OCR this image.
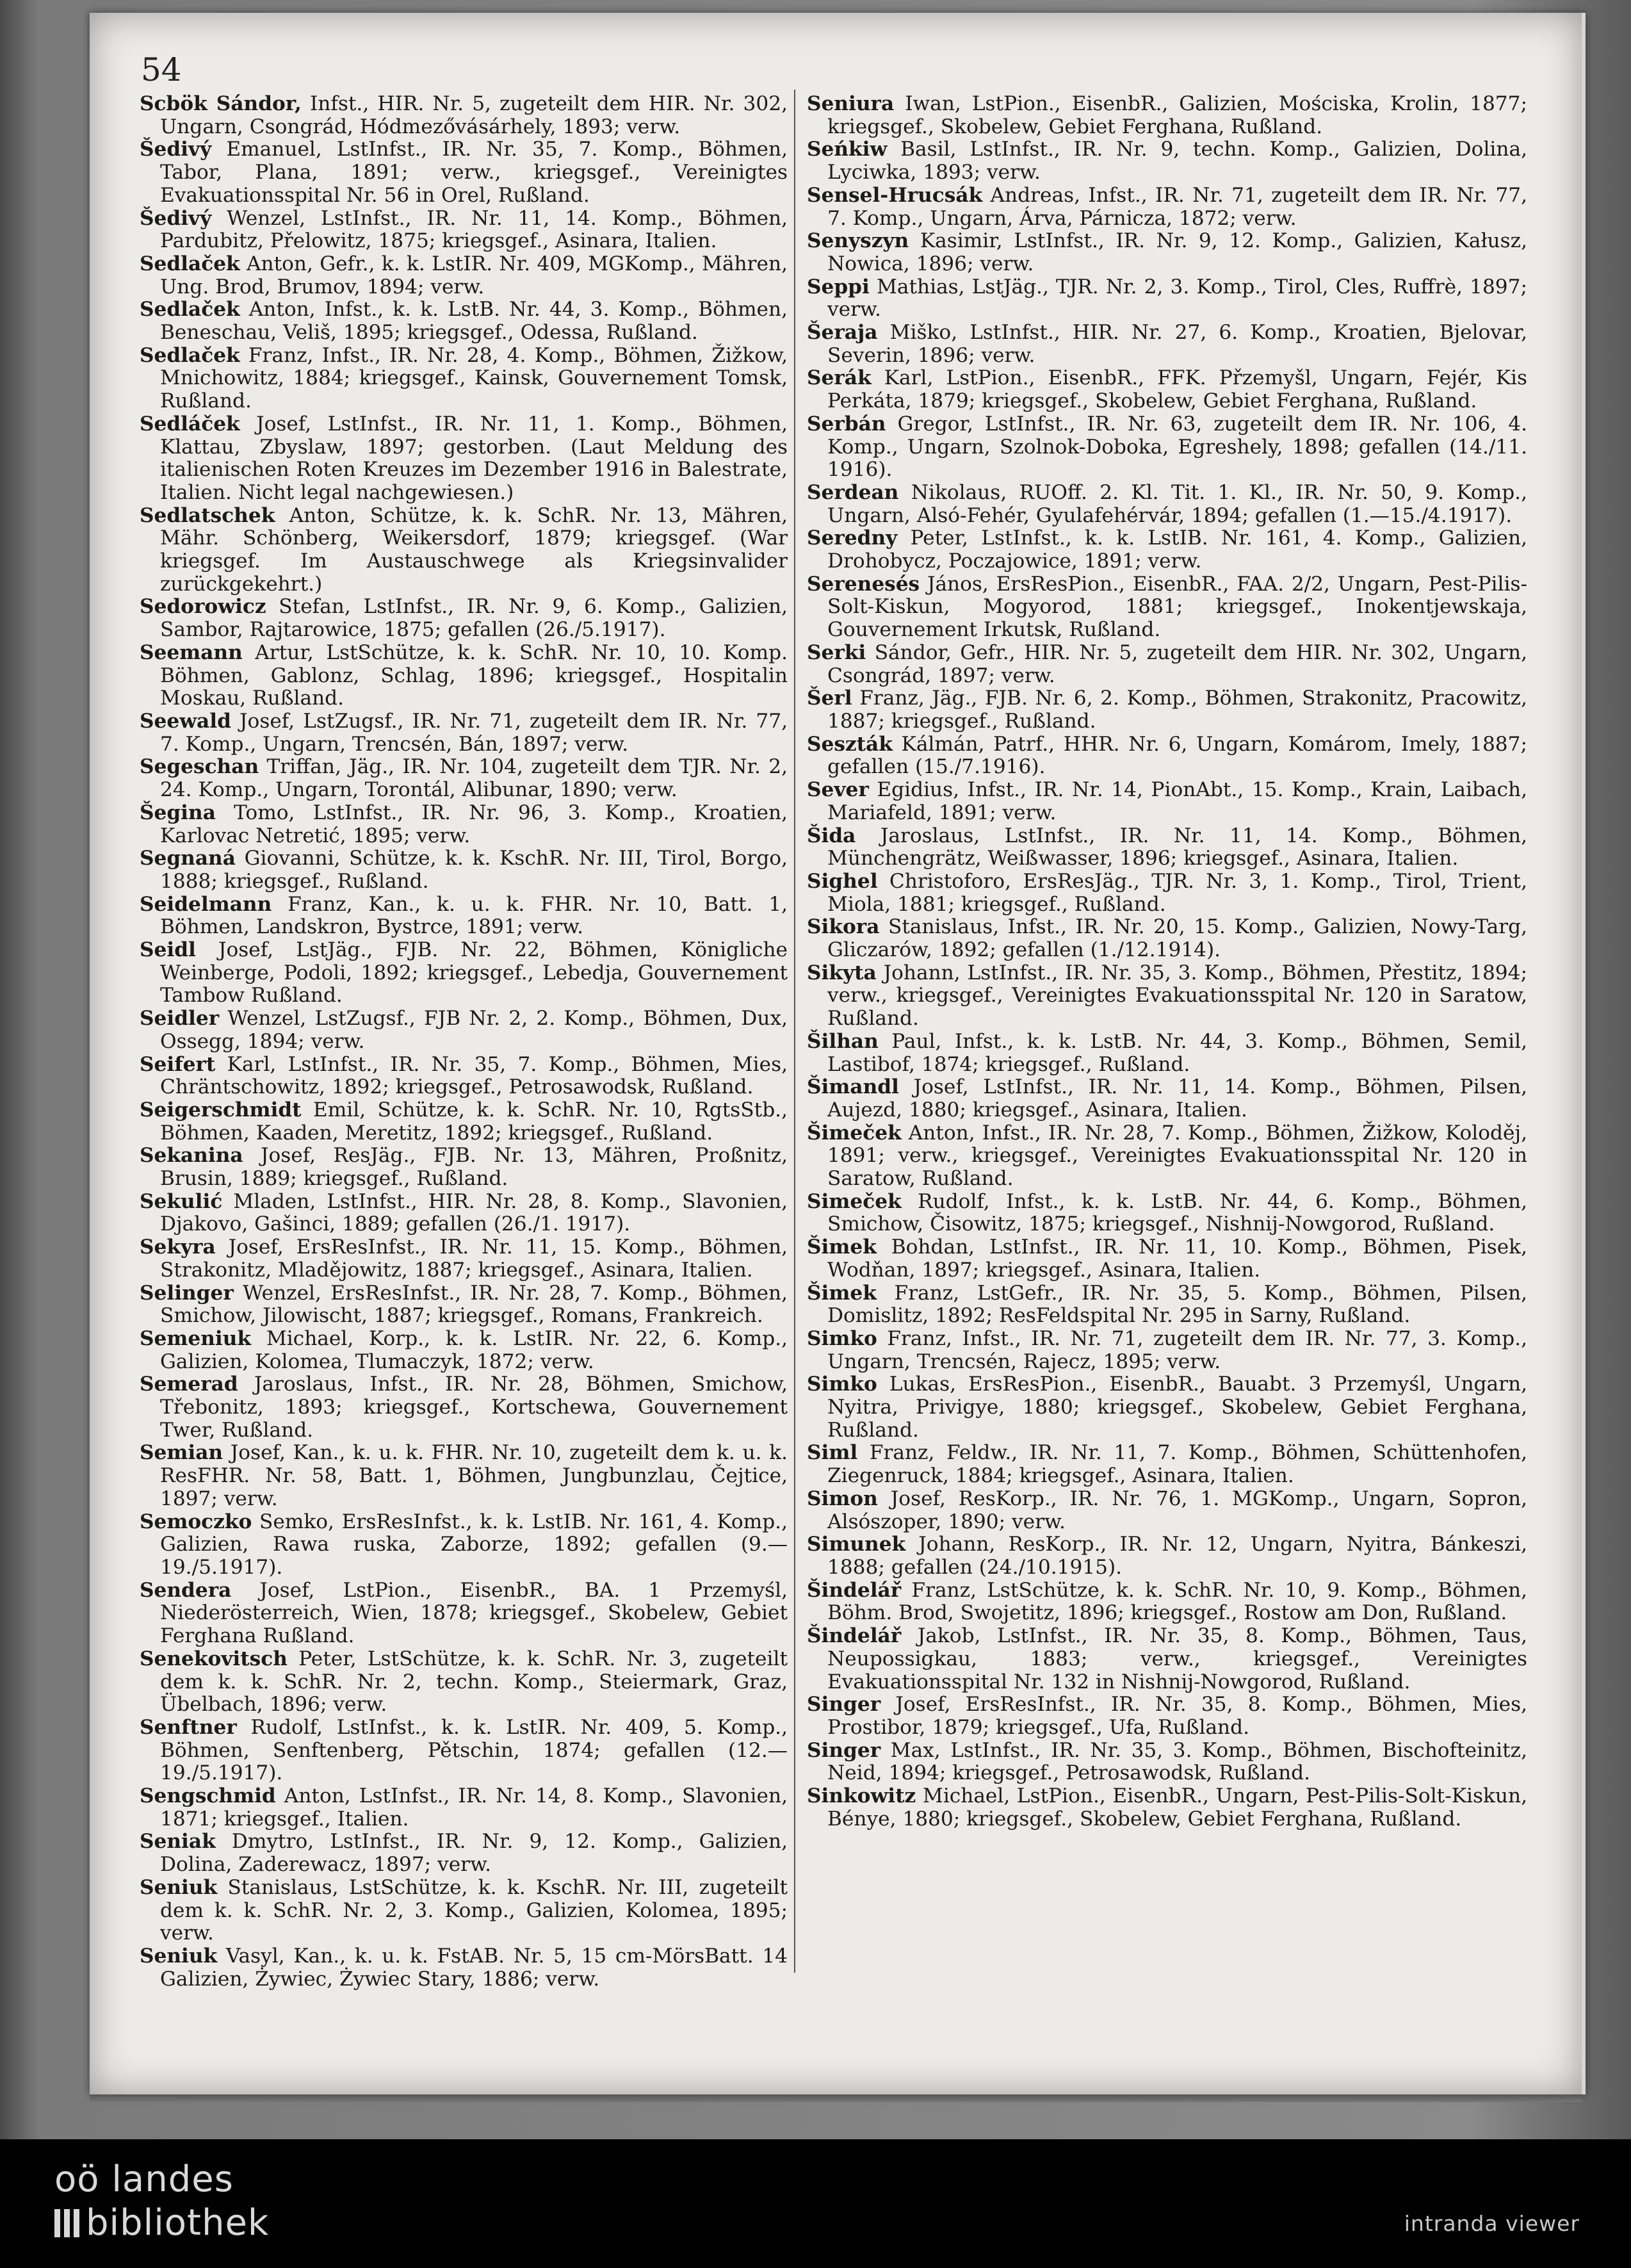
54

Scbök Sándor, Infst., HIR. Nr. 5, zugeteilt dem HIR. Nr. 302, Ungarn, Csongrád, Hódmezővásárhely, 1893; verw.

Šedivý Emanuel, LstInfst., IR. Nr. 35, 7. Komp., Böhmen, Tabor, Plana, 1891; verw., kriegsgef., Vereinigtes Evakuationsspital Nr. 56 in Orel, Rußland.

Šedivý Wenzel, LstInfst., IR. Nr. 11, 14. Komp., Böhmen, Pardubitz, Přelowitz, 1875; kriegsgef., Asinara, Italien.

Sedlaček Anton, Gefr., k. k. LstIR. Nr. 409, MGKomp., Mähren, Ung. Brod, Brumov, 1894; verw.

Sedlaček Anton, Infst., k. k. LstB. Nr. 44, 3. Komp., Böhmen, Beneschau, Veliš, 1895; kriegsgef., Odessa, Rußland.

Sedlaček Franz, Infst., IR. Nr. 28, 4. Komp., Böhmen, Žižkow, Mnichowitz, 1884; kriegsgef., Kainsk, Gouvernement Tomsk, Rußland.

Sedláček Josef, LstInfst., IR. Nr. 11, 1. Komp., Böhmen, Klattau, Zbyslaw, 1897; gestorben. (Laut Meldung des italienischen Roten Kreuzes im Dezember 1916 in Balestrate, Italien. Nicht legal nachgewiesen.)

Sedlatschek Anton, Schütze, k. k. SchR. Nr. 13, Mähren, Mähr. Schönberg, Weikersdorf, 1879; kriegsgef. (War kriegsgef. Im Austauschwege als Kriegsinvalider zurückgekehrt.)

Sedorowicz Stefan, LstInfst., IR. Nr. 9, 6. Komp., Galizien, Sambor, Rajtarowice, 1875; gefallen (26./5.1917).

Seemann Artur, LstSchütze, k. k. SchR. Nr. 10, 10. Komp. Böhmen, Gablonz, Schlag, 1896; kriegsgef., Hospitalin Moskau, Rußland.

Seewald Josef, LstZugsf., IR. Nr. 71, zugeteilt dem IR. Nr. 77, 7. Komp., Ungarn, Trencsén, Bán, 1897; verw.

Segeschan Triffan, Jäg., IR. Nr. 104, zugeteilt dem TJR. Nr. 2, 24. Komp., Ungarn, Torontál, Alibunar, 1890; verw.

Šegina Tomo, LstInfst., IR. Nr. 96, 3. Komp., Kroatien, Karlovac Netretić, 1895; verw.

Segnaná Giovanni, Schütze, k. k. KschR. Nr. III, Tirol, Borgo, 1888; kriegsgef., Rußland.

Seidelmann Franz, Kan., k. u. k. FHR. Nr. 10, Batt. 1, Böhmen, Landskron, Bystrce, 1891; verw.

Seidl Josef, LstJäg., FJB. Nr. 22, Böhmen, Königliche Weinberge, Podoli, 1892; kriegsgef., Lebedja, Gouvernement Tambow Rußland.

Seidler Wenzel, LstZugsf., FJB Nr. 2, 2. Komp., Böhmen, Dux, Ossegg, 1894; verw.

Seifert Karl, LstInfst., IR. Nr. 35, 7. Komp., Böhmen, Mies, Chräntschowitz, 1892; kriegsgef., Petrosawodsk, Rußland.

Seigerschmidt Emil, Schütze, k. k. SchR. Nr. 10, RgtsStb., Böhmen, Kaaden, Meretitz, 1892; kriegsgef., Rußland.

Sekanina Josef, ResJäg., FJB. Nr. 13, Mähren, Proßnitz, Brusin, 1889; kriegsgef., Rußland.

Sekulić Mladen, LstInfst., HIR. Nr. 28, 8. Komp., Slavonien, Djakovo, Gašinci, 1889; gefallen (26./1. 1917).

Sekyra Josef, ErsResInfst., IR. Nr. 11, 15. Komp., Böhmen, Strakonitz, Mladějowitz, 1887; kriegsgef., Asinara, Italien.

Selinger Wenzel, ErsResInfst., IR. Nr. 28, 7. Komp., Böhmen, Smichow, Jilowischt, 1887; kriegsgef., Romans, Frankreich.

Semeniuk Michael, Korp., k. k. LstIR. Nr. 22, 6. Komp., Galizien, Kolomea, Tlumaczyk, 1872; verw.

Semerad Jaroslaus, Infst., IR. Nr. 28, Böhmen, Smichow, Třebonitz, 1893; kriegsgef., Kortschewa, Gouvernement Twer, Rußland.

Semian Josef, Kan., k. u. k. FHR. Nr. 10, zugeteilt dem k. u. k. ResFHR. Nr. 58, Batt. 1, Böhmen, Jungbunzlau, Čejtice, 1897; verw.

Semoczko Semko, ErsResInfst., k. k. LstIB. Nr. 161, 4. Komp., Galizien, Rawa ruska, Zaborze, 1892; gefallen (9.—19./5.1917).

Sendera Josef, LstPion., EisenbR., BA. 1 Przemyśl, Niederösterreich, Wien, 1878; kriegsgef., Skobelew, Gebiet Ferghana Rußland.

Senekovitsch Peter, LstSchütze, k. k. SchR. Nr. 3, zugeteilt dem k. k. SchR. Nr. 2, techn. Komp., Steiermark, Graz, Übelbach, 1896; verw.

Senftner Rudolf, LstInfst., k. k. LstIR. Nr. 409, 5. Komp., Böhmen, Senftenberg, Pětschin, 1874; gefallen (12.—19./5.1917).

Sengschmid Anton, LstInfst., IR. Nr. 14, 8. Komp., Slavonien, 1871; kriegsgef., Italien.

Seniak Dmytro, LstInfst., IR. Nr. 9, 12. Komp., Galizien, Dolina, Zaderewacz, 1897; verw.

Seniuk Stanislaus, LstSchütze, k. k. KschR. Nr. III, zugeteilt dem k. k. SchR. Nr. 2, 3. Komp., Galizien, Kolomea, 1895; verw.

Seniuk Vasyl, Kan., k. u. k. FstAB. Nr. 5, 15 cm-MörsBatt. 14 Galizien, Żywiec, Żywiec Stary, 1886; verw.

Seniura Iwan, LstPion., EisenbR., Galizien, Mościska, Krolin, 1877; kriegsgef., Skobelew, Gebiet Ferghana, Rußland.

Seńkiw Basil, LstInfst., IR. Nr. 9, techn. Komp., Galizien, Dolina, Lyciwka, 1893; verw.

Sensel-Hrucsák Andreas, Infst., IR. Nr. 71, zugeteilt dem IR. Nr. 77, 7. Komp., Ungarn, Árva, Párnicza, 1872; verw.

Senyszyn Kasimir, LstInfst., IR. Nr. 9, 12. Komp., Galizien, Kałusz, Nowica, 1896; verw.

Seppi Mathias, LstJäg., TJR. Nr. 2, 3. Komp., Tirol, Cles, Ruffrè, 1897; verw.

Šeraja Miško, LstInfst., HIR. Nr. 27, 6. Komp., Kroatien, Bjelovar, Severin, 1896; verw.

Serák Karl, LstPion., EisenbR., FFK. Přzemyšl, Ungarn, Fejér, Kis Perkáta, 1879; kriegsgef., Skobelew, Gebiet Ferghana, Rußland.

Serbán Gregor, LstInfst., IR. Nr. 63, zugeteilt dem IR. Nr. 106, 4. Komp., Ungarn, Szolnok-Doboka, Egreshely, 1898; gefallen (14./11. 1916).

Serdean Nikolaus, RUOff. 2. Kl. Tit. 1. Kl., IR. Nr. 50, 9. Komp., Ungarn, Alsó-Fehér, Gyulafehérvár, 1894; gefallen (1.—15./4.1917).

Seredny Peter, LstInfst., k. k. LstIB. Nr. 161, 4. Komp., Galizien, Drohobycz, Poczajowice, 1891; verw.

Serenesés János, ErsResPion., EisenbR., FAA. 2/2, Ungarn, Pest-Pilis-Solt-Kiskun, Mogyorod, 1881; kriegsgef., Inokentjewskaja, Gouvernement Irkutsk, Rußland.

Serki Sándor, Gefr., HIR. Nr. 5, zugeteilt dem HIR. Nr. 302, Ungarn, Csongrád, 1897; verw.

Šerl Franz, Jäg., FJB. Nr. 6, 2. Komp., Böhmen, Strakonitz, Pracowitz, 1887; kriegsgef., Rußland.

Seszták Kálmán, Patrf., HHR. Nr. 6, Ungarn, Komárom, Imely, 1887; gefallen (15./7.1916).

Sever Egidius, Infst., IR. Nr. 14, PionAbt., 15. Komp., Krain, Laibach, Mariafeld, 1891; verw.

Šida Jaroslaus, LstInfst., IR. Nr. 11, 14. Komp., Böhmen, Münchengrätz, Weißwasser, 1896; kriegsgef., Asinara, Italien.

Sighel Christoforo, ErsResJäg., TJR. Nr. 3, 1. Komp., Tirol, Trient, Miola, 1881; kriegsgef., Rußland.

Sikora Stanislaus, Infst., IR. Nr. 20, 15. Komp., Galizien, Nowy-Targ, Gliczarów, 1892; gefallen (1./12.1914).

Sikyta Johann, LstInfst., IR. Nr. 35, 3. Komp., Böhmen, Přestitz, 1894; verw., kriegsgef., Vereinigtes Evakuationsspital Nr. 120 in Saratow, Rußland.

Šilhan Paul, Infst., k. k. LstB. Nr. 44, 3. Komp., Böhmen, Semil, Lastibof, 1874; kriegsgef., Rußland.

Šimandl Josef, LstInfst., IR. Nr. 11, 14. Komp., Böhmen, Pilsen, Aujezd, 1880; kriegsgef., Asinara, Italien.

Šimeček Anton, Infst., IR. Nr. 28, 7. Komp., Böhmen, Žižkow, Koloděj, 1891; verw., kriegsgef., Vereinigtes Evakuationsspital Nr. 120 in Saratow, Rußland.

Simeček Rudolf, Infst., k. k. LstB. Nr. 44, 6. Komp., Böhmen, Smichow, Čisowitz, 1875; kriegsgef., Nishnij-Nowgorod, Rußland.

Šimek Bohdan, LstInfst., IR. Nr. 11, 10. Komp., Böhmen, Pisek, Wodňan, 1897; kriegsgef., Asinara, Italien.

Šimek Franz, LstGefr., IR. Nr. 35, 5. Komp., Böhmen, Pilsen, Domislitz, 1892; ResFeldspital Nr. 295 in Sarny, Rußland.

Simko Franz, Infst., IR. Nr. 71, zugeteilt dem IR. Nr. 77, 3. Komp., Ungarn, Trencsén, Rajecz, 1895; verw.

Simko Lukas, ErsResPion., EisenbR., Bauabt. 3 Przemyśl, Ungarn, Nyitra, Privigye, 1880; kriegsgef., Skobelew, Gebiet Ferghana, Rußland.

Siml Franz, Feldw., IR. Nr. 11, 7. Komp., Böhmen, Schüttenhofen, Ziegenruck, 1884; kriegsgef., Asinara, Italien.

Simon Josef, ResKorp., IR. Nr. 76, 1. MGKomp., Ungarn, Sopron, Alsószoper, 1890; verw.

Simunek Johann, ResKorp., IR. Nr. 12, Ungarn, Nyitra, Bánkeszi, 1888; gefallen (24./10.1915).

Šindelář Franz, LstSchütze, k. k. SchR. Nr. 10, 9. Komp., Böhmen, Böhm. Brod, Swojetitz, 1896; kriegsgef., Rostow am Don, Rußland.

Šindelář Jakob, LstInfst., IR. Nr. 35, 8. Komp., Böhmen, Taus, Neupossigkau, 1883; verw., kriegsgef., Vereinigtes Evakuationsspital Nr. 132 in Nishnij-Nowgorod, Rußland.

Singer Josef, ErsResInfst., IR. Nr. 35, 8. Komp., Böhmen, Mies, Prostibor, 1879; kriegsgef., Ufa, Rußland.

Singer Max, LstInfst., IR. Nr. 35, 3. Komp., Böhmen, Bischofteinitz, Neid, 1894; kriegsgef., Petrosawodsk, Rußland.

Sinkowitz Michael, LstPion., EisenbR., Ungarn, Pest-Pilis-Solt-Kiskun, Bénye, 1880; kriegsgef., Skobelew, Gebiet Ferghana, Rußland.

oö landes
bibliothek	intranda viewer
